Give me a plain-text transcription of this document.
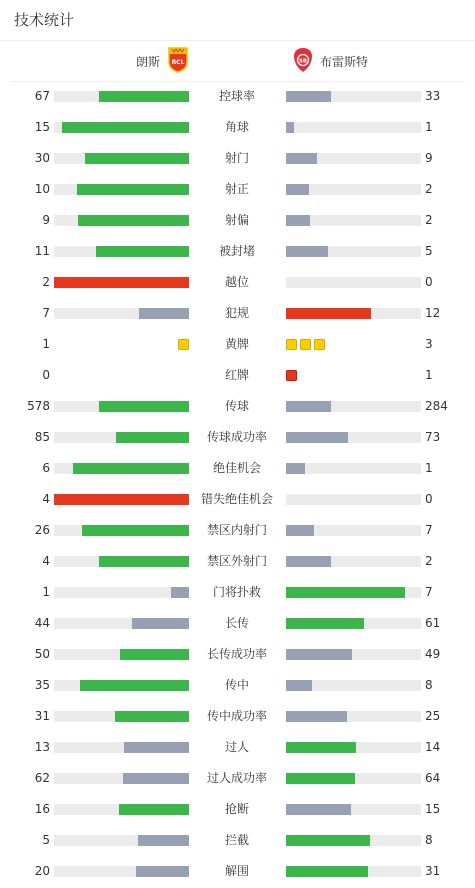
技术统计
朗斯 RCL	SB 布雷斯特
67	控球率	33
15	角球	1
30	射门	9
10	射正	2
9	射偏	2
11	被封堵	5
2	越位	0
7	犯规	12
1	黄牌	3
0	红牌	1
578	传球	284
85	传球成功率	73
6	绝佳机会	1
4	错失绝佳机会	0
26	禁区内射门	7
4	禁区外射门	2
1	门将扑救	7
44	长传	61
50	长传成功率	49
35	传中	8
31	传中成功率	25
13	过人	14
62	过人成功率	64
16	抢断	15
5	拦截	8
20	解围	31
